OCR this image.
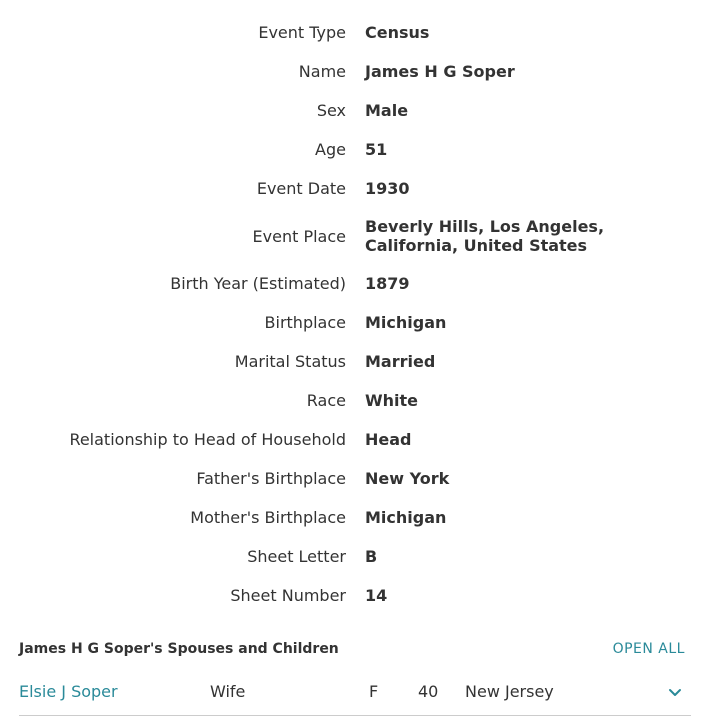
Event Type Census
Name James H G Soper
Sex Male
Age 51
Event Date 1930
Event Place Beverly Hills, Los Angeles, California, United States
Birth Year (Estimated) 1879
Birthplace Michigan
Marital Status Married
Race White
Relationship to Head of Household Head
Father's Birthplace New York
Mother's Birthplace Michigan
Sheet Letter B
Sheet Number 14
James H G Soper's Spouses and Children	OPEN ALL
Elsie J Soper	Wife	F 40 New Jersey
